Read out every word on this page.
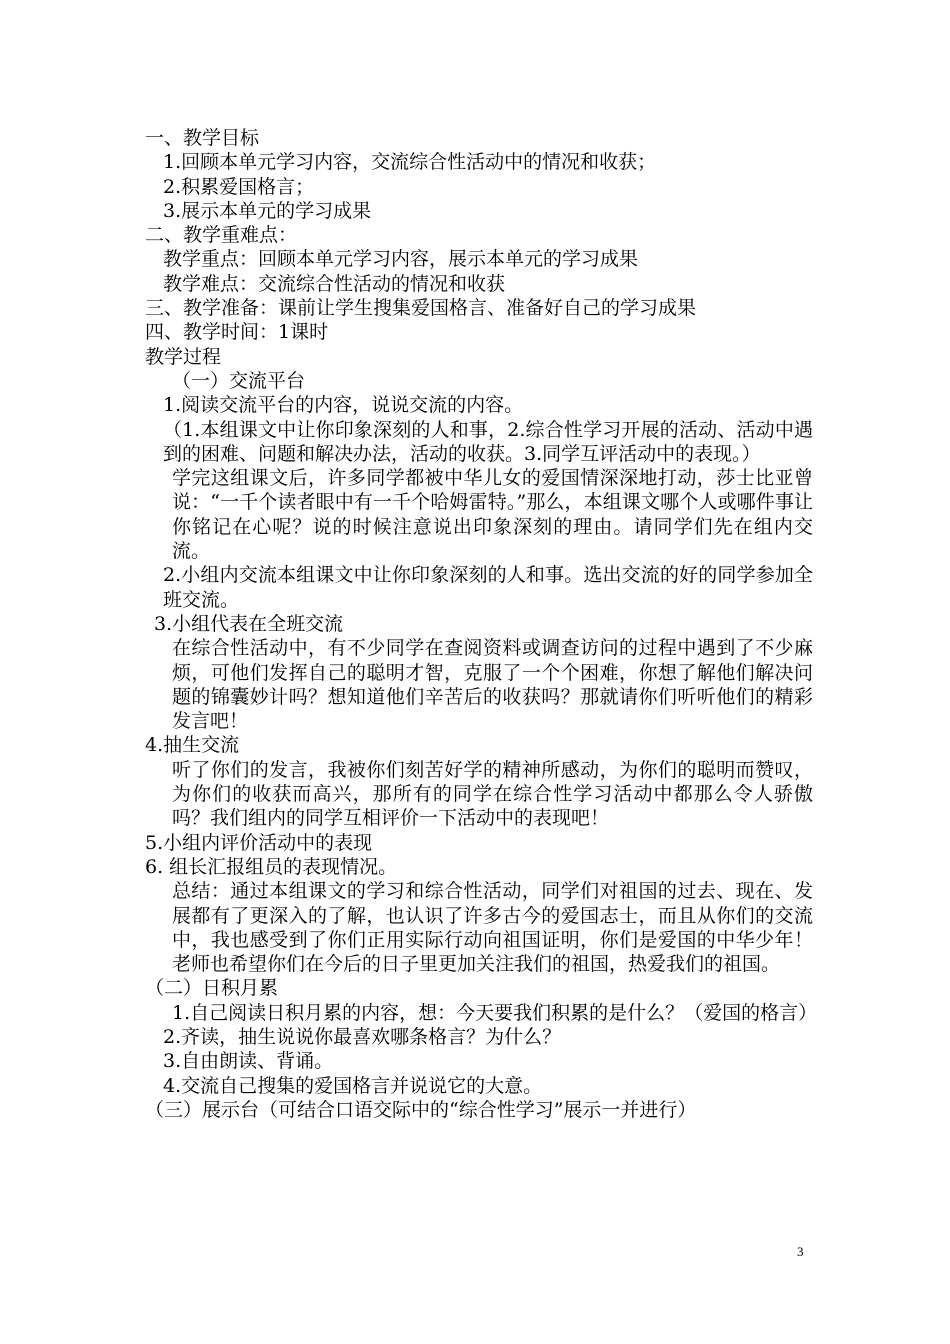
一、教学目标
1.回顾本单元学习内容，交流综合性活动中的情况和收获；
2.积累爱国格言；
3.展示本单元的学习成果
二、教学重难点：
教学重点：回顾本单元学习内容，展示本单元的学习成果
教学难点：交流综合性活动的情况和收获
三、教学准备：课前让学生搜集爱国格言、准备好自己的学习成果
四、教学时间：1课时
教学过程
（一）交流平台
1.阅读交流平台的内容，说说交流的内容。
（1.本组课文中让你印象深刻的人和事，2.综合性学习开展的活动、活动中遇到的困难、问题和解决办法，活动的收获。3.同学互评活动中的表现。）
学完这组课文后，许多同学都被中华儿女的爱国情深深地打动，莎士比亚曾说：“一千个读者眼中有一千个哈姆雷特。”那么，本组课文哪个人或哪件事让你铭记在心呢？说的时候注意说出印象深刻的理由。请同学们先在组内交流。
2.小组内交流本组课文中让你印象深刻的人和事。选出交流的好的同学参加全班交流。
3.小组代表在全班交流
在综合性活动中，有不少同学在查阅资料或调查访问的过程中遇到了不少麻烦，可他们发挥自己的聪明才智，克服了一个个困难，你想了解他们解决问题的锦囊妙计吗？想知道他们辛苦后的收获吗？那就请你们听听他们的精彩发言吧！
4.抽生交流
听了你们的发言，我被你们刻苦好学的精神所感动，为你们的聪明而赞叹，为你们的收获而高兴，那所有的同学在综合性学习活动中都那么令人骄傲吗？我们组内的同学互相评价一下活动中的表现吧！
5.小组内评价活动中的表现
6. 组长汇报组员的表现情况。
总结：通过本组课文的学习和综合性活动，同学们对祖国的过去、现在、发展都有了更深入的了解，也认识了许多古今的爱国志士，而且从你们的交流中，我也感受到了你们正用实际行动向祖国证明，你们是爱国的中华少年！老师也希望你们在今后的日子里更加关注我们的祖国，热爱我们的祖国。
（二）日积月累
1.自己阅读日积月累的内容，想：今天要我们积累的是什么？（爱国的格言）
2.齐读，抽生说说你最喜欢哪条格言？为什么？
3.自由朗读、背诵。
4.交流自己搜集的爱国格言并说说它的大意。
（三）展示台（可结合口语交际中的“综合性学习”展示一并进行）
3
